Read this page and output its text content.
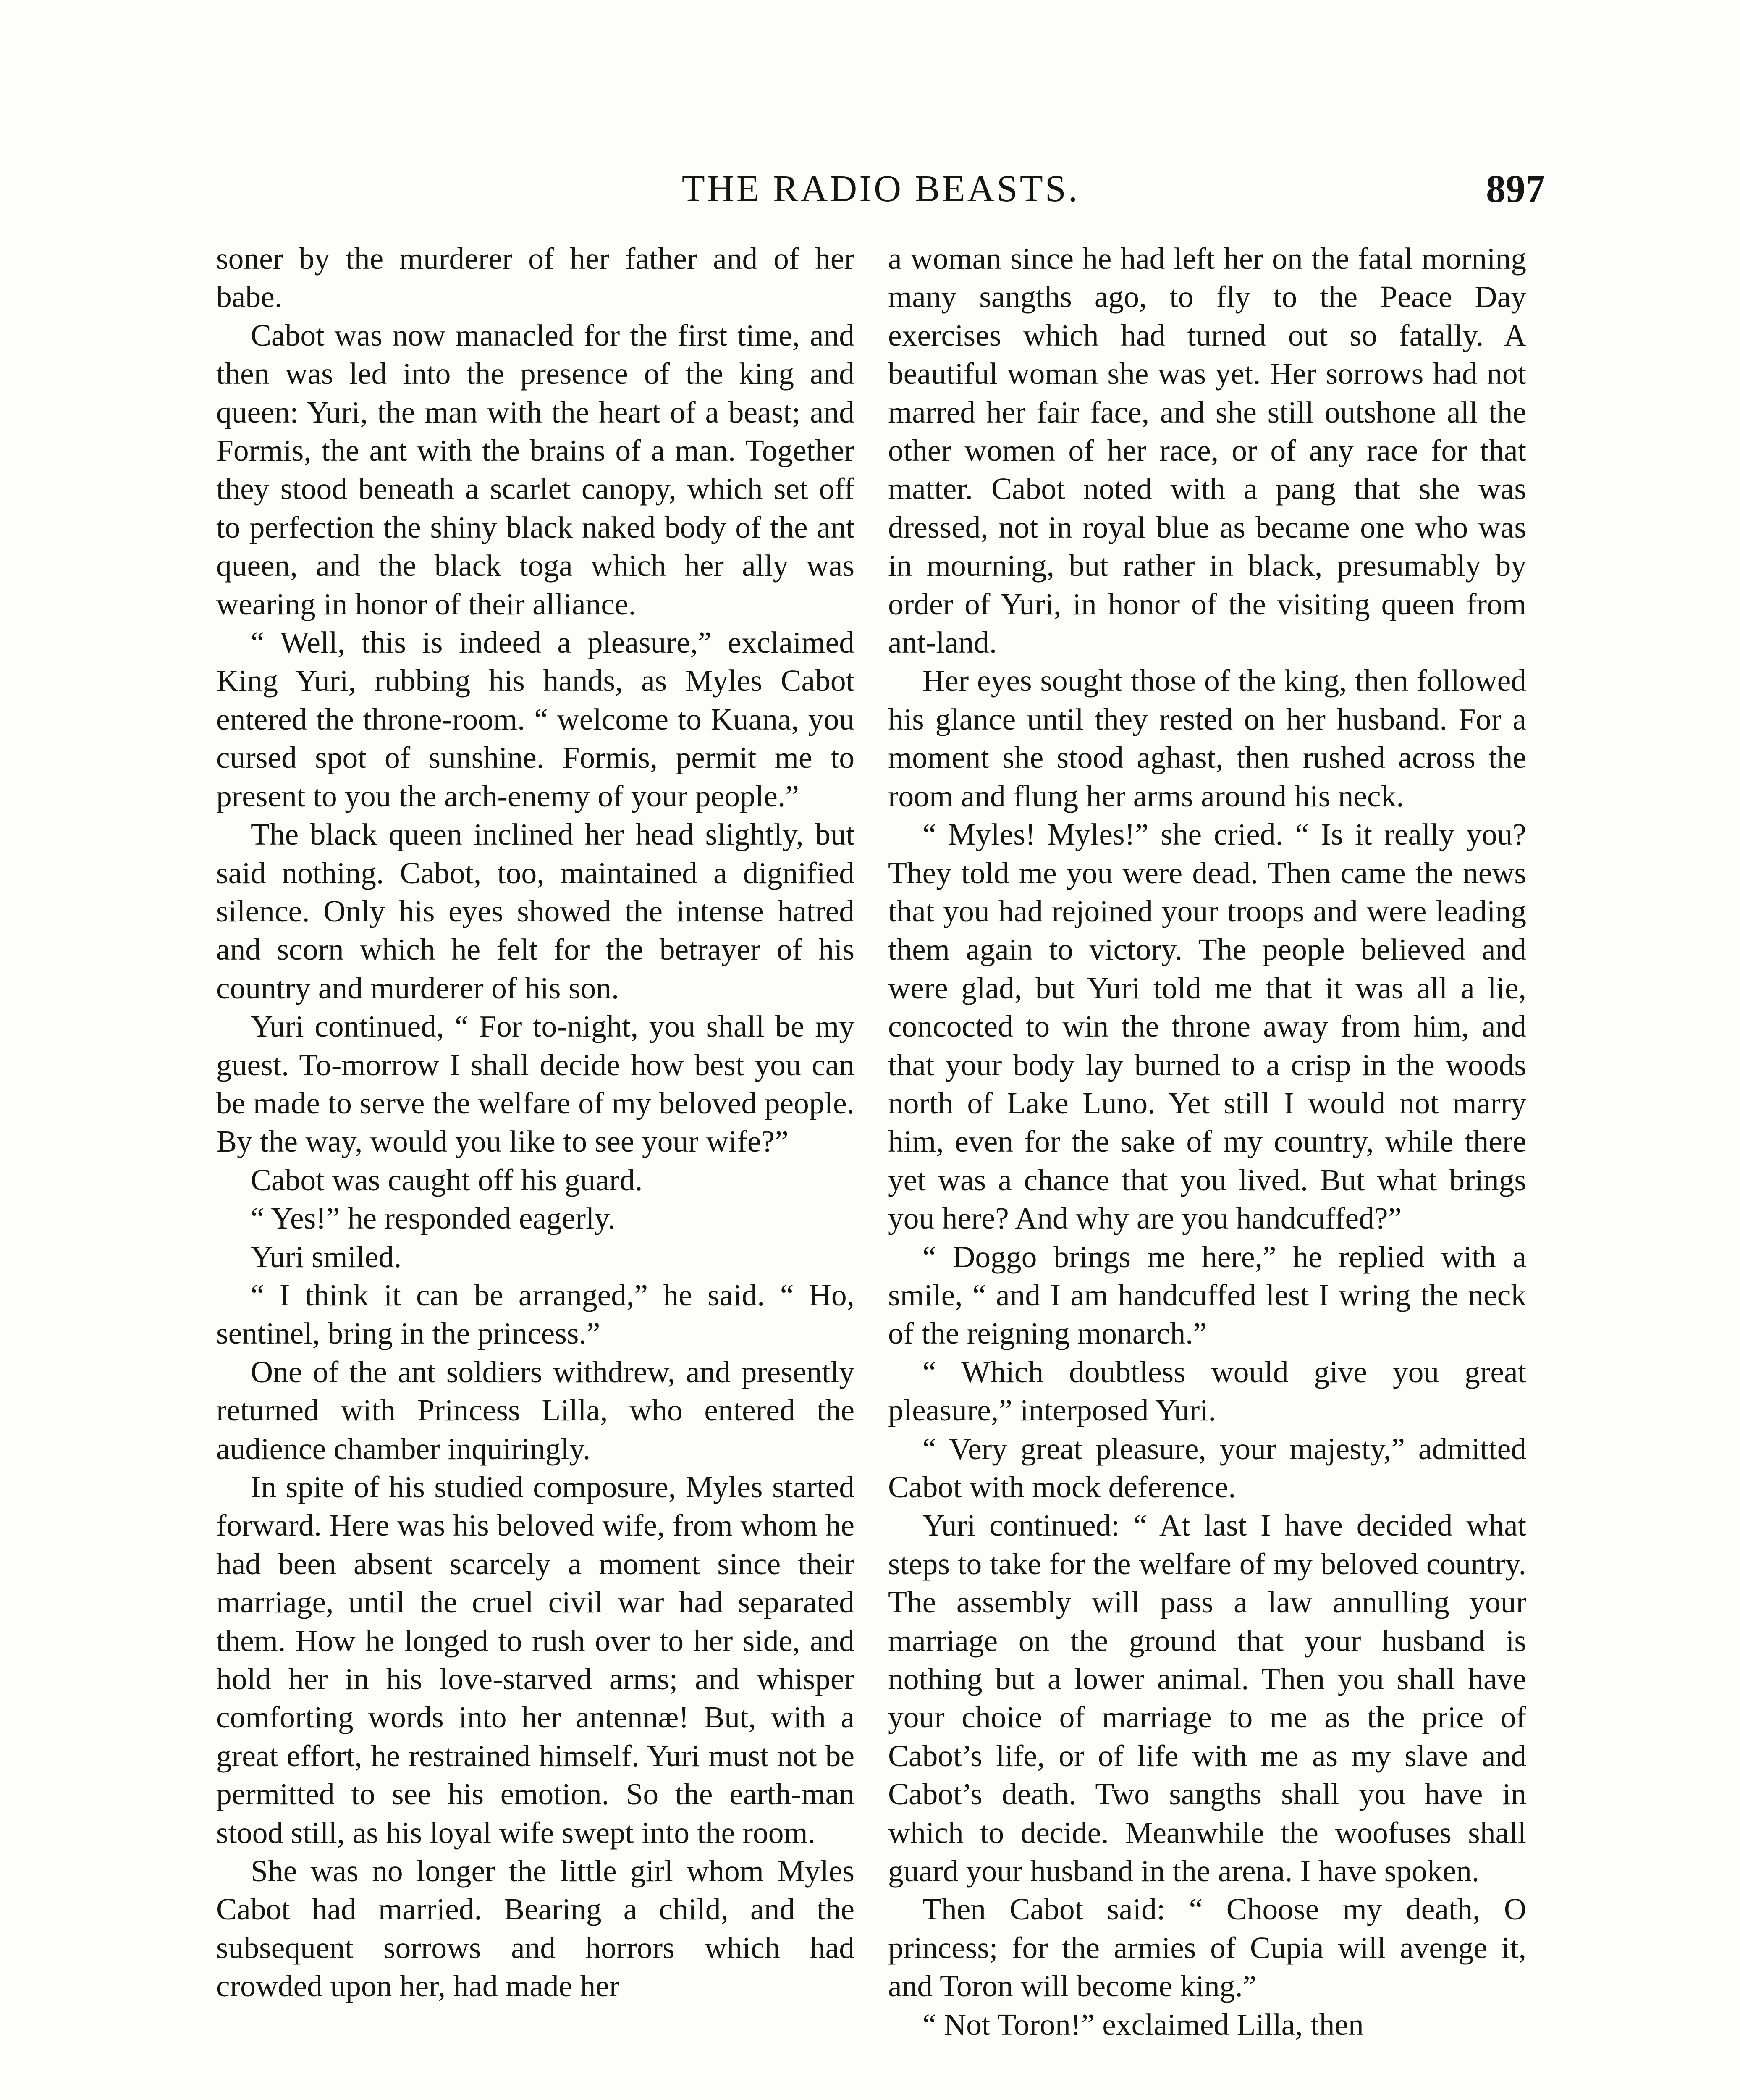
THE RADIO BEASTS.	897

soner by the murderer of her father and of her babe.

Cabot was now manacled for the first time, and then was led into the presence of the king and queen: Yuri, the man with the heart of a beast; and Formis, the ant with the brains of a man. Together they stood beneath a scarlet canopy, which set off to perfection the shiny black naked body of the ant queen, and the black toga which her ally was wearing in honor of their alliance.

“ Well, this is indeed a pleasure,” exclaimed King Yuri, rubbing his hands, as Myles Cabot entered the throne-room. “ welcome to Kuana, you cursed spot of sunshine. Formis, permit me to present to you the arch-enemy of your people.”

The black queen inclined her head slightly, but said nothing. Cabot, too, maintained a dignified silence. Only his eyes showed the intense hatred and scorn which he felt for the betrayer of his country and murderer of his son.

Yuri continued, “ For to-night, you shall be my guest. To-morrow I shall decide how best you can be made to serve the welfare of my beloved people. By the way, would you like to see your wife?”

Cabot was caught off his guard.

“ Yes!” he responded eagerly.

Yuri smiled.

“ I think it can be arranged,” he said. “ Ho, sentinel, bring in the princess.”

One of the ant soldiers withdrew, and presently returned with Princess Lilla, who entered the audience chamber inquiringly.

In spite of his studied composure, Myles started forward. Here was his beloved wife, from whom he had been absent scarcely a moment since their marriage, until the cruel civil war had separated them. How he longed to rush over to her side, and hold her in his love-starved arms; and whisper comforting words into her antennæ! But, with a great effort, he restrained himself. Yuri must not be permitted to see his emotion. So the earth-man stood still, as his loyal wife swept into the room.

She was no longer the little girl whom Myles Cabot had married. Bearing a child, and the subsequent sorrows and horrors which had crowded upon her, had made her

a woman since he had left her on the fatal morning many sangths ago, to fly to the Peace Day exercises which had turned out so fatally. A beautiful woman she was yet. Her sorrows had not marred her fair face, and she still outshone all the other women of her race, or of any race for that matter. Cabot noted with a pang that she was dressed, not in royal blue as became one who was in mourning, but rather in black, presumably by order of Yuri, in honor of the visiting queen from ant-land.

Her eyes sought those of the king, then followed his glance until they rested on her husband. For a moment she stood aghast, then rushed across the room and flung her arms around his neck.

“ Myles! Myles!” she cried. “ Is it really you? They told me you were dead. Then came the news that you had rejoined your troops and were leading them again to victory. The people believed and were glad, but Yuri told me that it was all a lie, concocted to win the throne away from him, and that your body lay burned to a crisp in the woods north of Lake Luno. Yet still I would not marry him, even for the sake of my country, while there yet was a chance that you lived. But what brings you here? And why are you handcuffed?”

“ Doggo brings me here,” he replied with a smile, “ and I am handcuffed lest I wring the neck of the reigning monarch.”

“ Which doubtless would give you great pleasure,” interposed Yuri.

“ Very great pleasure, your majesty,” admitted Cabot with mock deference.

Yuri continued: “ At last I have decided what steps to take for the welfare of my beloved country. The assembly will pass a law annulling your marriage on the ground that your husband is nothing but a lower animal. Then you shall have your choice of marriage to me as the price of Cabot’s life, or of life with me as my slave and Cabot’s death. Two sangths shall you have in which to decide. Meanwhile the woofuses shall guard your husband in the arena. I have spoken.

Then Cabot said: “ Choose my death, O princess; for the armies of Cupia will avenge it, and Toron will become king.”

“ Not Toron!” exclaimed Lilla, then
